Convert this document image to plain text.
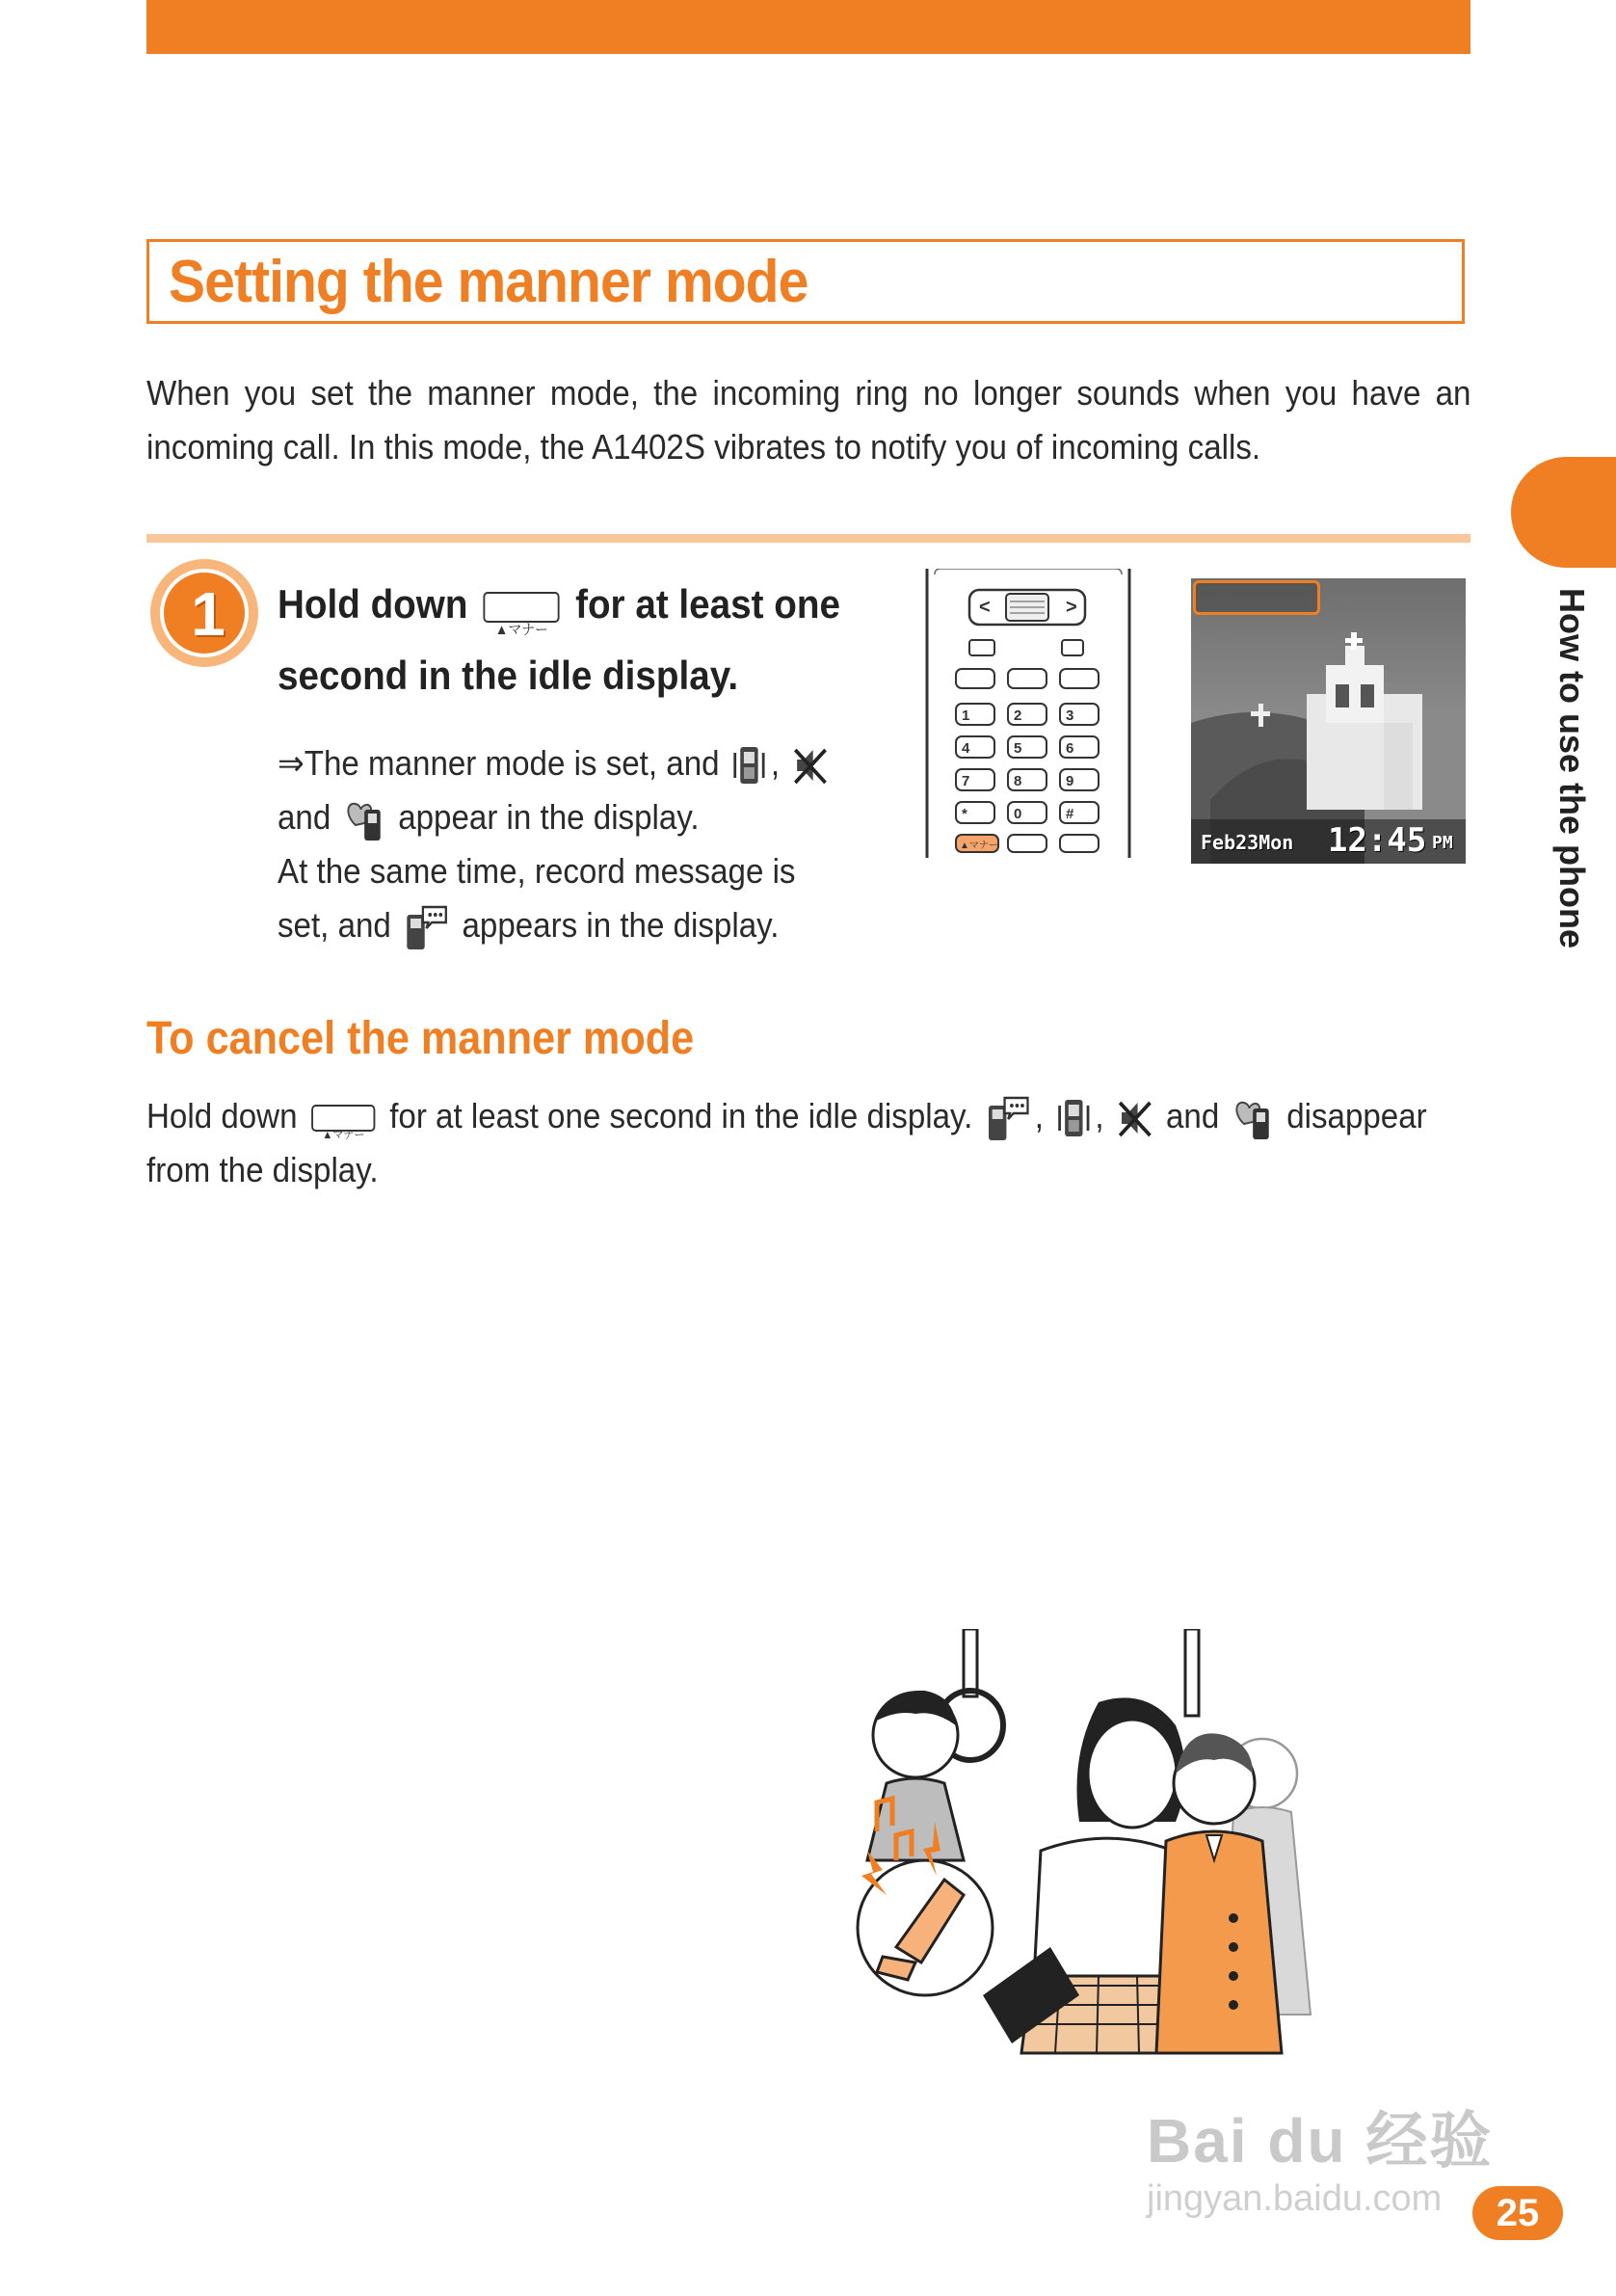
Setting the manner mode
When you set the manner mode, the incoming ring no longer sounds when you have an incoming call. In this mode, the A1402S vibrates to notify you of incoming calls.
How to use the phone
1	Hold down ▲マナー	for at least one
second in the idle display.
⇒The manner mode is set, and ,
and appear in the display.
At the same time, record message is
set, and appears in the display.
<	>
1	2	3
4	5	6
7	8	9
*	0	#
▲マナー	Feb23Mon 12:45 PM
To cancel the manner mode
Hold down ▲マナー	for at least one second in the idle display. , , and disappear
from the display.
Bai du 经验
jingyan.baidu.com	25
